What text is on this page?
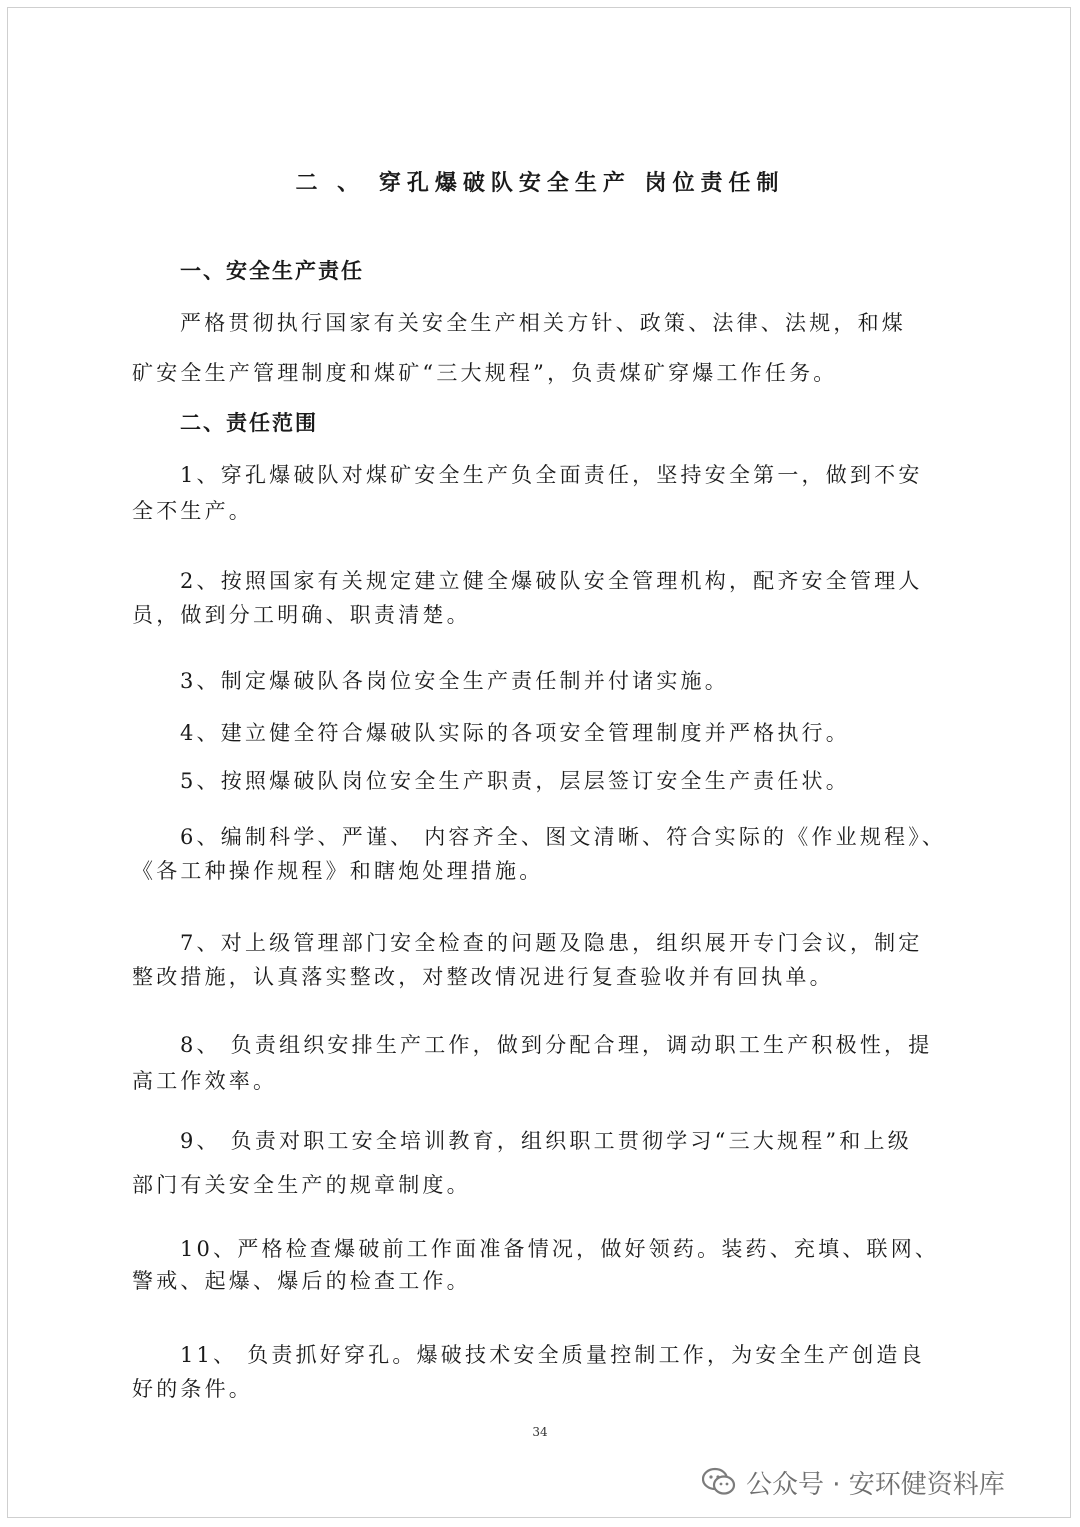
二 、 穿孔爆破队安全生产 岗位责任制
一、安全生产责任
严格贯彻执行国家有关安全生产相关方针、政策、法律、法规，和煤
矿安全生产管理制度和煤矿“三大规程”，负责煤矿穿爆工作任务。
二、责任范围
1、穿孔爆破队对煤矿安全生产负全面责任，坚持安全第一，做到不安
全不生产。
2、按照国家有关规定建立健全爆破队安全管理机构，配齐安全管理人
员，做到分工明确、职责清楚。
3、制定爆破队各岗位安全生产责任制并付诸实施。
4、建立健全符合爆破队实际的各项安全管理制度并严格执行。
5、按照爆破队岗位安全生产职责，层层签订安全生产责任状。
6、编制科学、严谨、 内容齐全、图文清晰、符合实际的《作业规程》、
《各工种操作规程》和瞎炮处理措施。
7、对上级管理部门安全检查的问题及隐患，组织展开专门会议，制定
整改措施，认真落实整改，对整改情况进行复查验收并有回执单。
8、 负责组织安排生产工作，做到分配合理，调动职工生产积极性，提
高工作效率。
9、 负责对职工安全培训教育，组织职工贯彻学习“三大规程”和上级
部门有关安全生产的规章制度。
10、严格检查爆破前工作面准备情况，做好领药。装药、充填、联网、
警戒、起爆、爆后的检查工作。
11、 负责抓好穿孔。爆破技术安全质量控制工作，为安全生产创造良
好的条件。
34
公众号 · 安环健资料库
